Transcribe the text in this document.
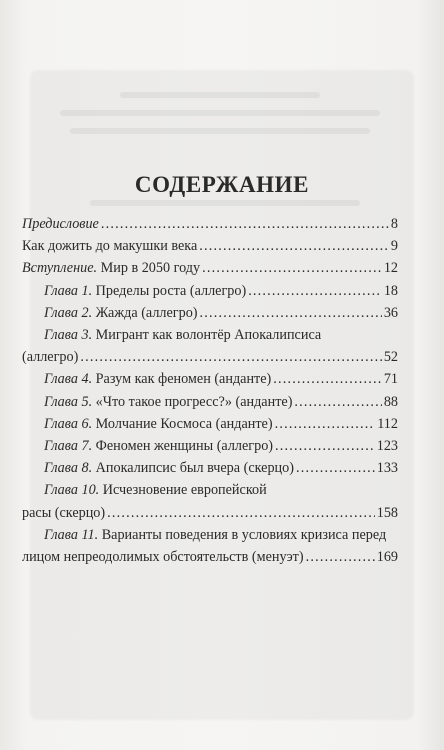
СОДЕРЖАНИЕ
Предисловие .....	8
Как дожить до макушки века .....	9
Вступление. Мир в 2050 году .....	12
Глава 1. Пределы роста (аллегро) .....	18
Глава 2. Жажда (аллегро) .....	36
Глава 3. Мигрант как волонтёр Апокалипсиса
(аллегро) .....	52
Глава 4. Разум как феномен (анданте) .....	71
Глава 5. «Что такое прогресс?» (анданте) .....	88
Глава 6. Молчание Космоса (анданте) .....	112
Глава 7. Феномен женщины (аллегро) .....	123
Глава 8. Апокалипсис был вчера (скерцо) .....	133
Глава 10. Исчезновение европейской
расы (скерцо) .....	158
Глава 11. Варианты поведения в условиях кризиса перед
лицом непреодолимых обстоятельств (менуэт) .....	169
